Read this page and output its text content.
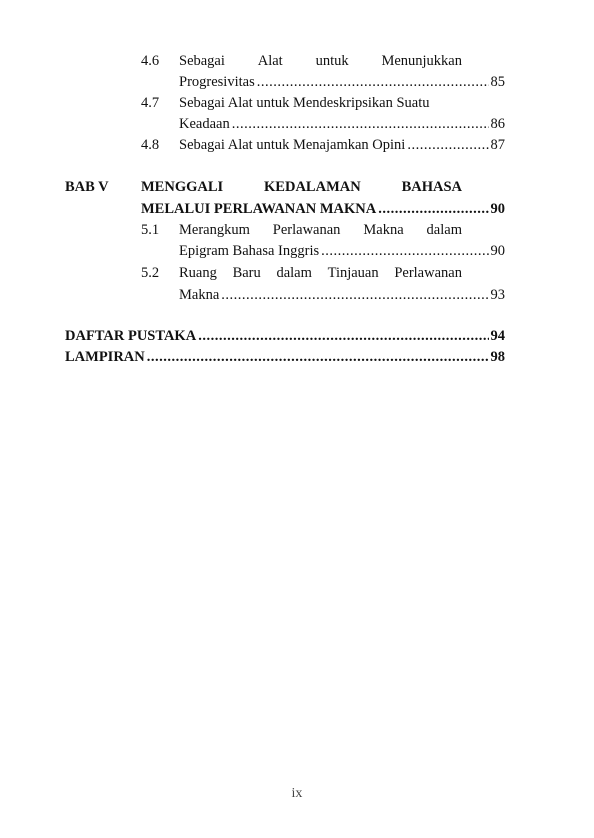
4.6 Sebagai Alat untuk Menunjukkan
Progresivitas .....	85
4.7 Sebagai Alat untuk Mendeskripsikan Suatu
Keadaan .....	86
4.8 Sebagai Alat untuk Menajamkan Opini .....	87
BAB V MENGGALI	KEDALAMAN	BAHASA
MELALUI PERLAWANAN MAKNA .....	90
5.1 Merangkum Perlawanan Makna dalam
Epigram Bahasa Inggris .....	90
5.2 Ruang Baru dalam Tinjauan Perlawanan
Makna .....	93
DAFTAR PUSTAKA .....	94
LAMPIRAN .....	98
ix
